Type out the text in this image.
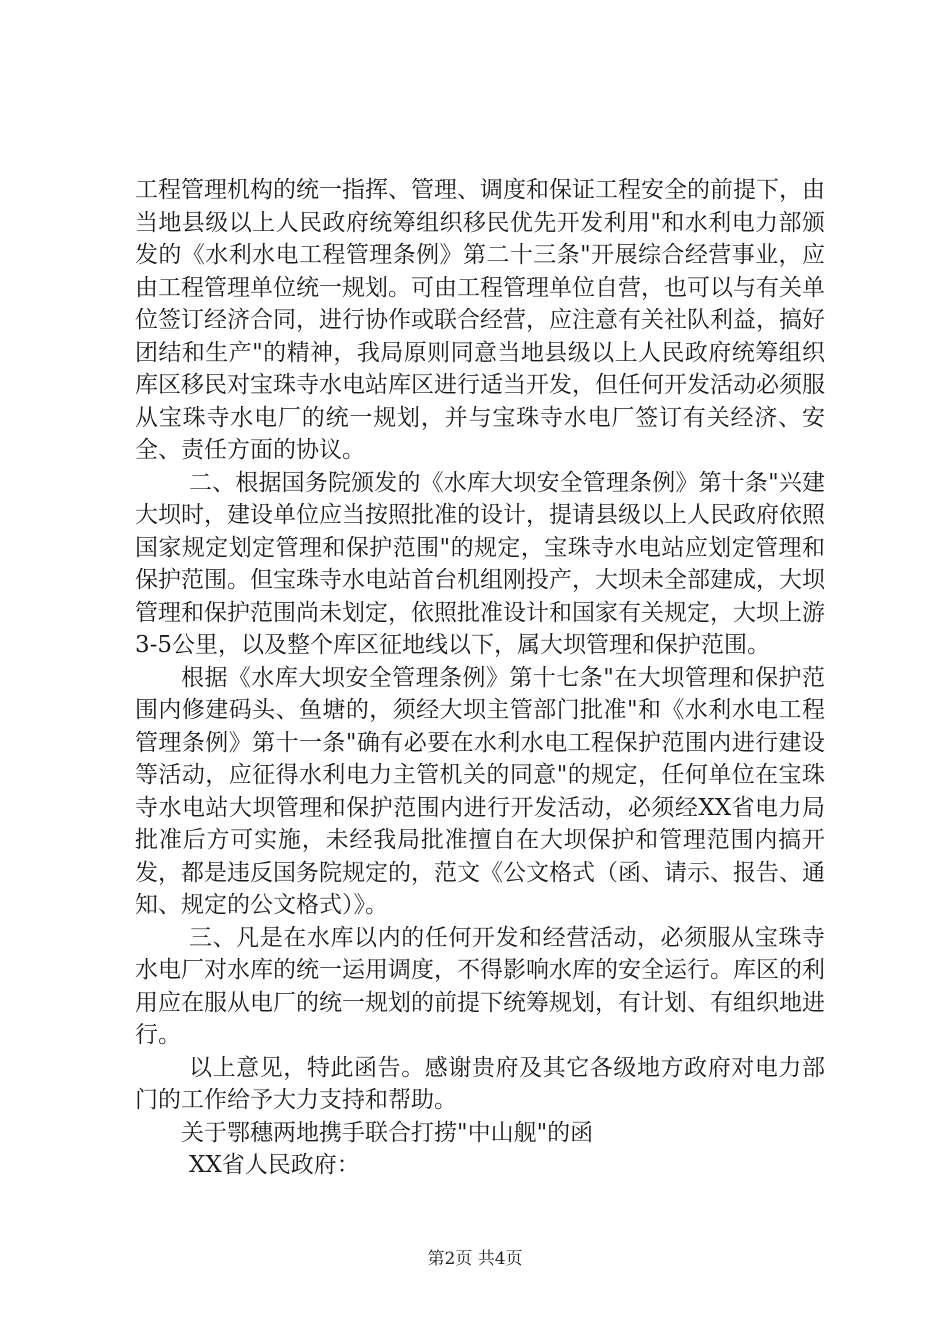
工程管理机构的统一指挥、管理、调度和保证工程安全的前提下，由当地县级以上人民政府统筹组织移民优先开发利用"和水利电力部颁发的《水利水电工程管理条例》第二十三条"开展综合经营事业，应由工程管理单位统一规划。可由工程管理单位自营，也可以与有关单位签订经济合同，进行协作或联合经营，应注意有关社队利益，搞好团结和生产"的精神，我局原则同意当地县级以上人民政府统筹组织库区移民对宝珠寺水电站库区进行适当开发，但任何开发活动必须服从宝珠寺水电厂的统一规划，并与宝珠寺水电厂签订有关经济、安全、责任方面的协议。

二、根据国务院颁发的《水库大坝安全管理条例》第十条"兴建大坝时，建设单位应当按照批准的设计，提请县级以上人民政府依照国家规定划定管理和保护范围"的规定，宝珠寺水电站应划定管理和保护范围。但宝珠寺水电站首台机组刚投产，大坝未全部建成，大坝管理和保护范围尚未划定，依照批准设计和国家有关规定，大坝上游3-5公里，以及整个库区征地线以下，属大坝管理和保护范围。

根据《水库大坝安全管理条例》第十七条"在大坝管理和保护范围内修建码头、鱼塘的，须经大坝主管部门批准"和《水利水电工程管理条例》第十一条"确有必要在水利水电工程保护范围内进行建设等活动，应征得水利电力主管机关的同意"的规定，任何单位在宝珠寺水电站大坝管理和保护范围内进行开发活动，必须经XX省电力局批准后方可实施，未经我局批准擅自在大坝保护和管理范围内搞开发，都是违反国务院规定的，范文《公文格式（函、请示、报告、通知、规定的公文格式）》。

三、凡是在水库以内的任何开发和经营活动，必须服从宝珠寺水电厂对水库的统一运用调度，不得影响水库的安全运行。库区的利用应在服从电厂的统一规划的前提下统筹规划，有计划、有组织地进行。

以上意见，特此函告。感谢贵府及其它各级地方政府对电力部门的工作给予大力支持和帮助。

关于鄂穗两地携手联合打捞"中山舰"的函

XX省人民政府：

第2页 共4页
